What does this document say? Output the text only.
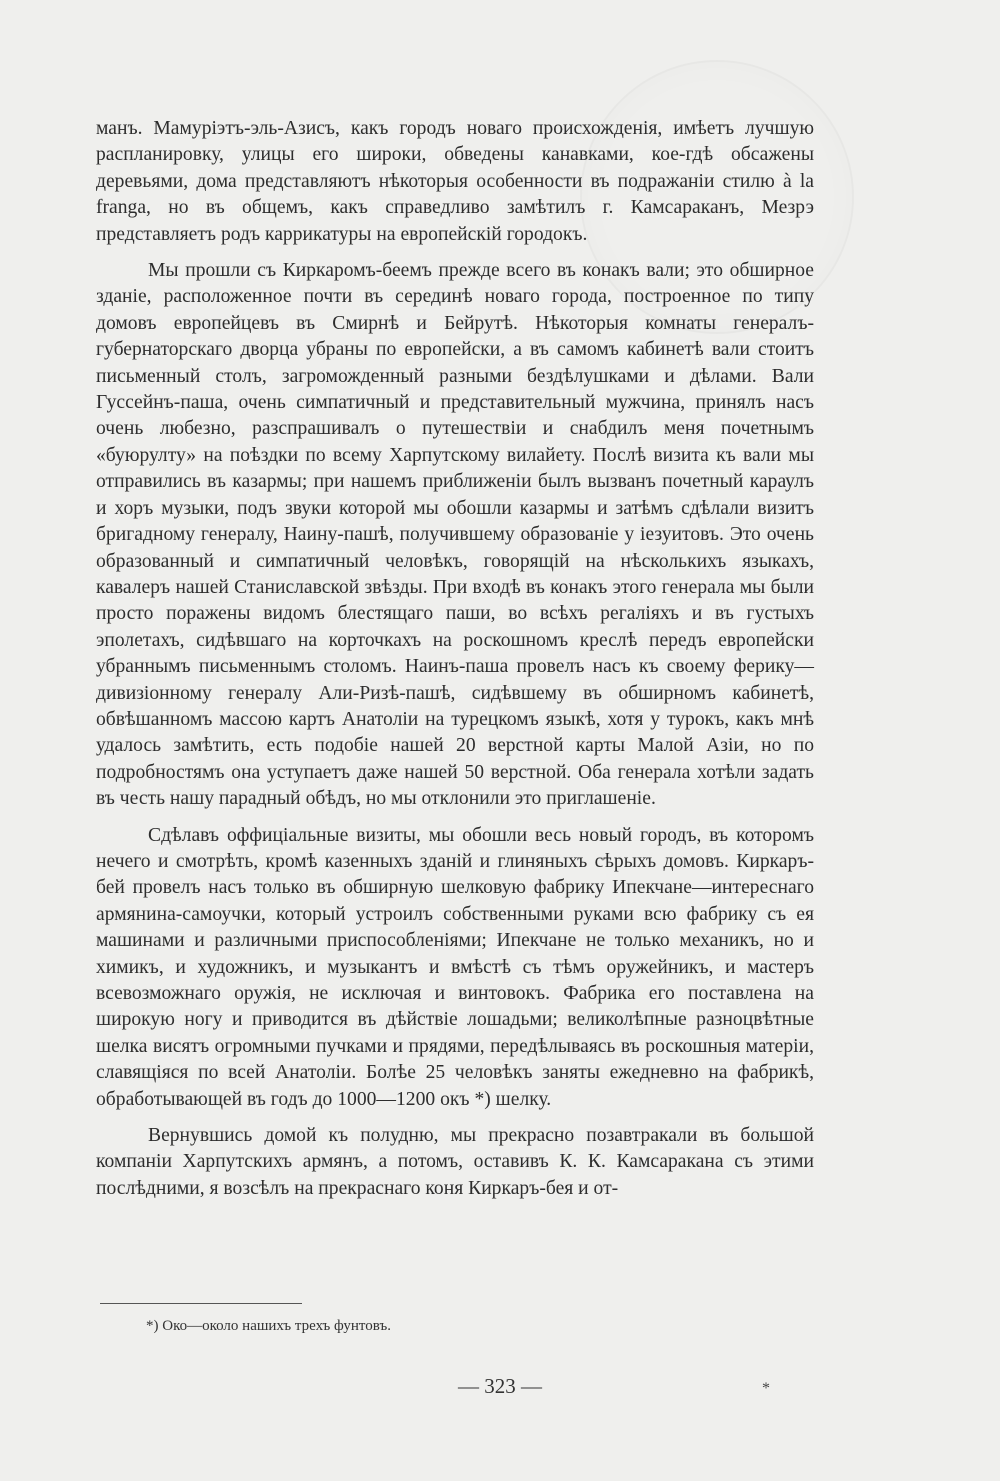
манъ. Мамуріэтъ-эль-Азисъ, какъ городъ новаго происхожденія, имѣетъ лучшую распланировку, улицы его широки, обведены канавками, кое-гдѣ обсажены деревьями, дома представляютъ нѣкоторыя особенности въ подражаніи стилю à la franga, но въ общемъ, какъ справедливо замѣтилъ г. Камсараканъ, Мезрэ представляетъ родъ каррикатуры на европейскій городокъ.

Мы прошли съ Киркаромъ-беемъ прежде всего въ конакъ вали; это обширное зданіе, расположенное почти въ серединѣ новаго города, построенное по типу домовъ европейцевъ въ Смирнѣ и Бейрутѣ. Нѣкоторыя комнаты генералъ-губернаторскаго дворца убраны по европейски, а въ самомъ кабинетѣ вали стоитъ письменный столъ, загроможденный разными бездѣлушками и дѣлами. Вали Гуссейнъ-паша, очень симпатичный и представительный мужчина, принялъ насъ очень любезно, разспрашивалъ о путешествіи и снабдилъ меня почетнымъ «буюрулту» на поѣздки по всему Харпутскому вилайету. Послѣ визита къ вали мы отправились въ казармы; при нашемъ приближеніи былъ вызванъ почетный караулъ и хоръ музыки, подъ звуки которой мы обошли казармы и затѣмъ сдѣлали визитъ бригадному генералу, Наину-пашѣ, получившему образованіе у іезуитовъ. Это очень образованный и симпатичный человѣкъ, говорящій на нѣсколькихъ языкахъ, кавалеръ нашей Станиславской звѣзды. При входѣ въ конакъ этого генерала мы были просто поражены видомъ блестящаго паши, во всѣхъ регаліяхъ и въ густыхъ эполетахъ, сидѣвшаго на корточкахъ на роскошномъ креслѣ передъ европейски убраннымъ письменнымъ столомъ. Наинъ-паша провелъ насъ къ своему ферику—дивизіонному генералу Али-Ризѣ-пашѣ, сидѣвшему въ обширномъ кабинетѣ, обвѣшанномъ массою картъ Анатоліи на турецкомъ языкѣ, хотя у турокъ, какъ мнѣ удалось замѣтить, есть подобіе нашей 20 верстной карты Малой Азіи, но по подробностямъ она уступаетъ даже нашей 50 верстной. Оба генерала хотѣли задать въ честь нашу парадный обѣдъ, но мы отклонили это приглашеніе.

Сдѣлавъ оффиціальные визиты, мы обошли весь новый городъ, въ которомъ нечего и смотрѣть, кромѣ казенныхъ зданій и глиняныхъ сѣрыхъ домовъ. Киркаръ-бей провелъ насъ только въ обширную шелковую фабрику Ипекчане—интереснаго армянина-самоучки, который устроилъ собственными руками всю фабрику съ ея машинами и различными приспособленіями; Ипекчане не только механикъ, но и химикъ, и художникъ, и музыкантъ и вмѣстѣ съ тѣмъ оружейникъ, и мастеръ всевозможнаго оружія, не исключая и винтовокъ. Фабрика его поставлена на широкую ногу и приводится въ дѣйствіе лошадьми; великолѣпные разноцвѣтные шелка висятъ огромными пучками и прядями, передѣлываясь въ роскошныя матеріи, славящіяся по всей Анатоліи. Болѣе 25 человѣкъ заняты ежедневно на фабрикѣ, обработывающей въ годъ до 1000—1200 окъ *) шелку.

Вернувшись домой къ полудню, мы прекрасно позавтракали въ большой компаніи Харпутскихъ армянъ, а потомъ, оставивъ К. К. Камсаракана съ этими послѣдними, я возсѣлъ на прекраснаго коня Киркаръ-бея и от-

*) Око—около нашихъ трехъ фунтовъ.
— 323 —	*
